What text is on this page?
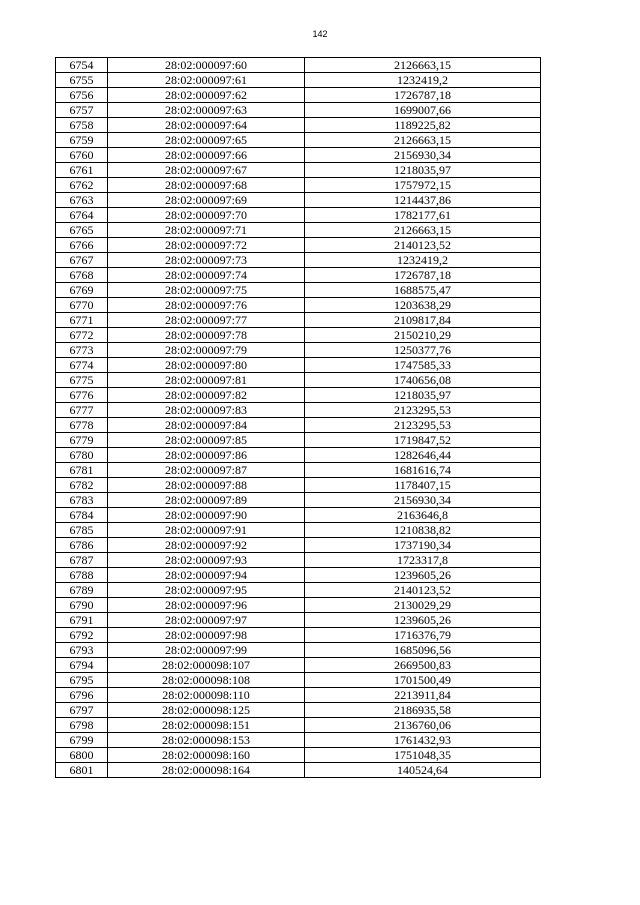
142
6754	28:02:000097:60	2126663,15
6755	28:02:000097:61	1232419,2
6756	28:02:000097:62	1726787,18
6757	28:02:000097:63	1699007,66
6758	28:02:000097:64	1189225,82
6759	28:02:000097:65	2126663,15
6760	28:02:000097:66	2156930,34
6761	28:02:000097:67	1218035,97
6762	28:02:000097:68	1757972,15
6763	28:02:000097:69	1214437,86
6764	28:02:000097:70	1782177,61
6765	28:02:000097:71	2126663,15
6766	28:02:000097:72	2140123,52
6767	28:02:000097:73	1232419,2
6768	28:02:000097:74	1726787,18
6769	28:02:000097:75	1688575,47
6770	28:02:000097:76	1203638,29
6771	28:02:000097:77	2109817,84
6772	28:02:000097:78	2150210,29
6773	28:02:000097:79	1250377,76
6774	28:02:000097:80	1747585,33
6775	28:02:000097:81	1740656,08
6776	28:02:000097:82	1218035,97
6777	28:02:000097:83	2123295,53
6778	28:02:000097:84	2123295,53
6779	28:02:000097:85	1719847,52
6780	28:02:000097:86	1282646,44
6781	28:02:000097:87	1681616,74
6782	28:02:000097:88	1178407,15
6783	28:02:000097:89	2156930,34
6784	28:02:000097:90	2163646,8
6785	28:02:000097:91	1210838,82
6786	28:02:000097:92	1737190,34
6787	28:02:000097:93	1723317,8
6788	28:02:000097:94	1239605,26
6789	28:02:000097:95	2140123,52
6790	28:02:000097:96	2130029,29
6791	28:02:000097:97	1239605,26
6792	28:02:000097:98	1716376,79
6793	28:02:000097:99	1685096,56
6794	28:02:000098:107	2669500,83
6795	28:02:000098:108	1701500,49
6796	28:02:000098:110	2213911,84
6797	28:02:000098:125	2186935,58
6798	28:02:000098:151	2136760,06
6799	28:02:000098:153	1761432,93
6800	28:02:000098:160	1751048,35
6801	28:02:000098:164	140524,64
